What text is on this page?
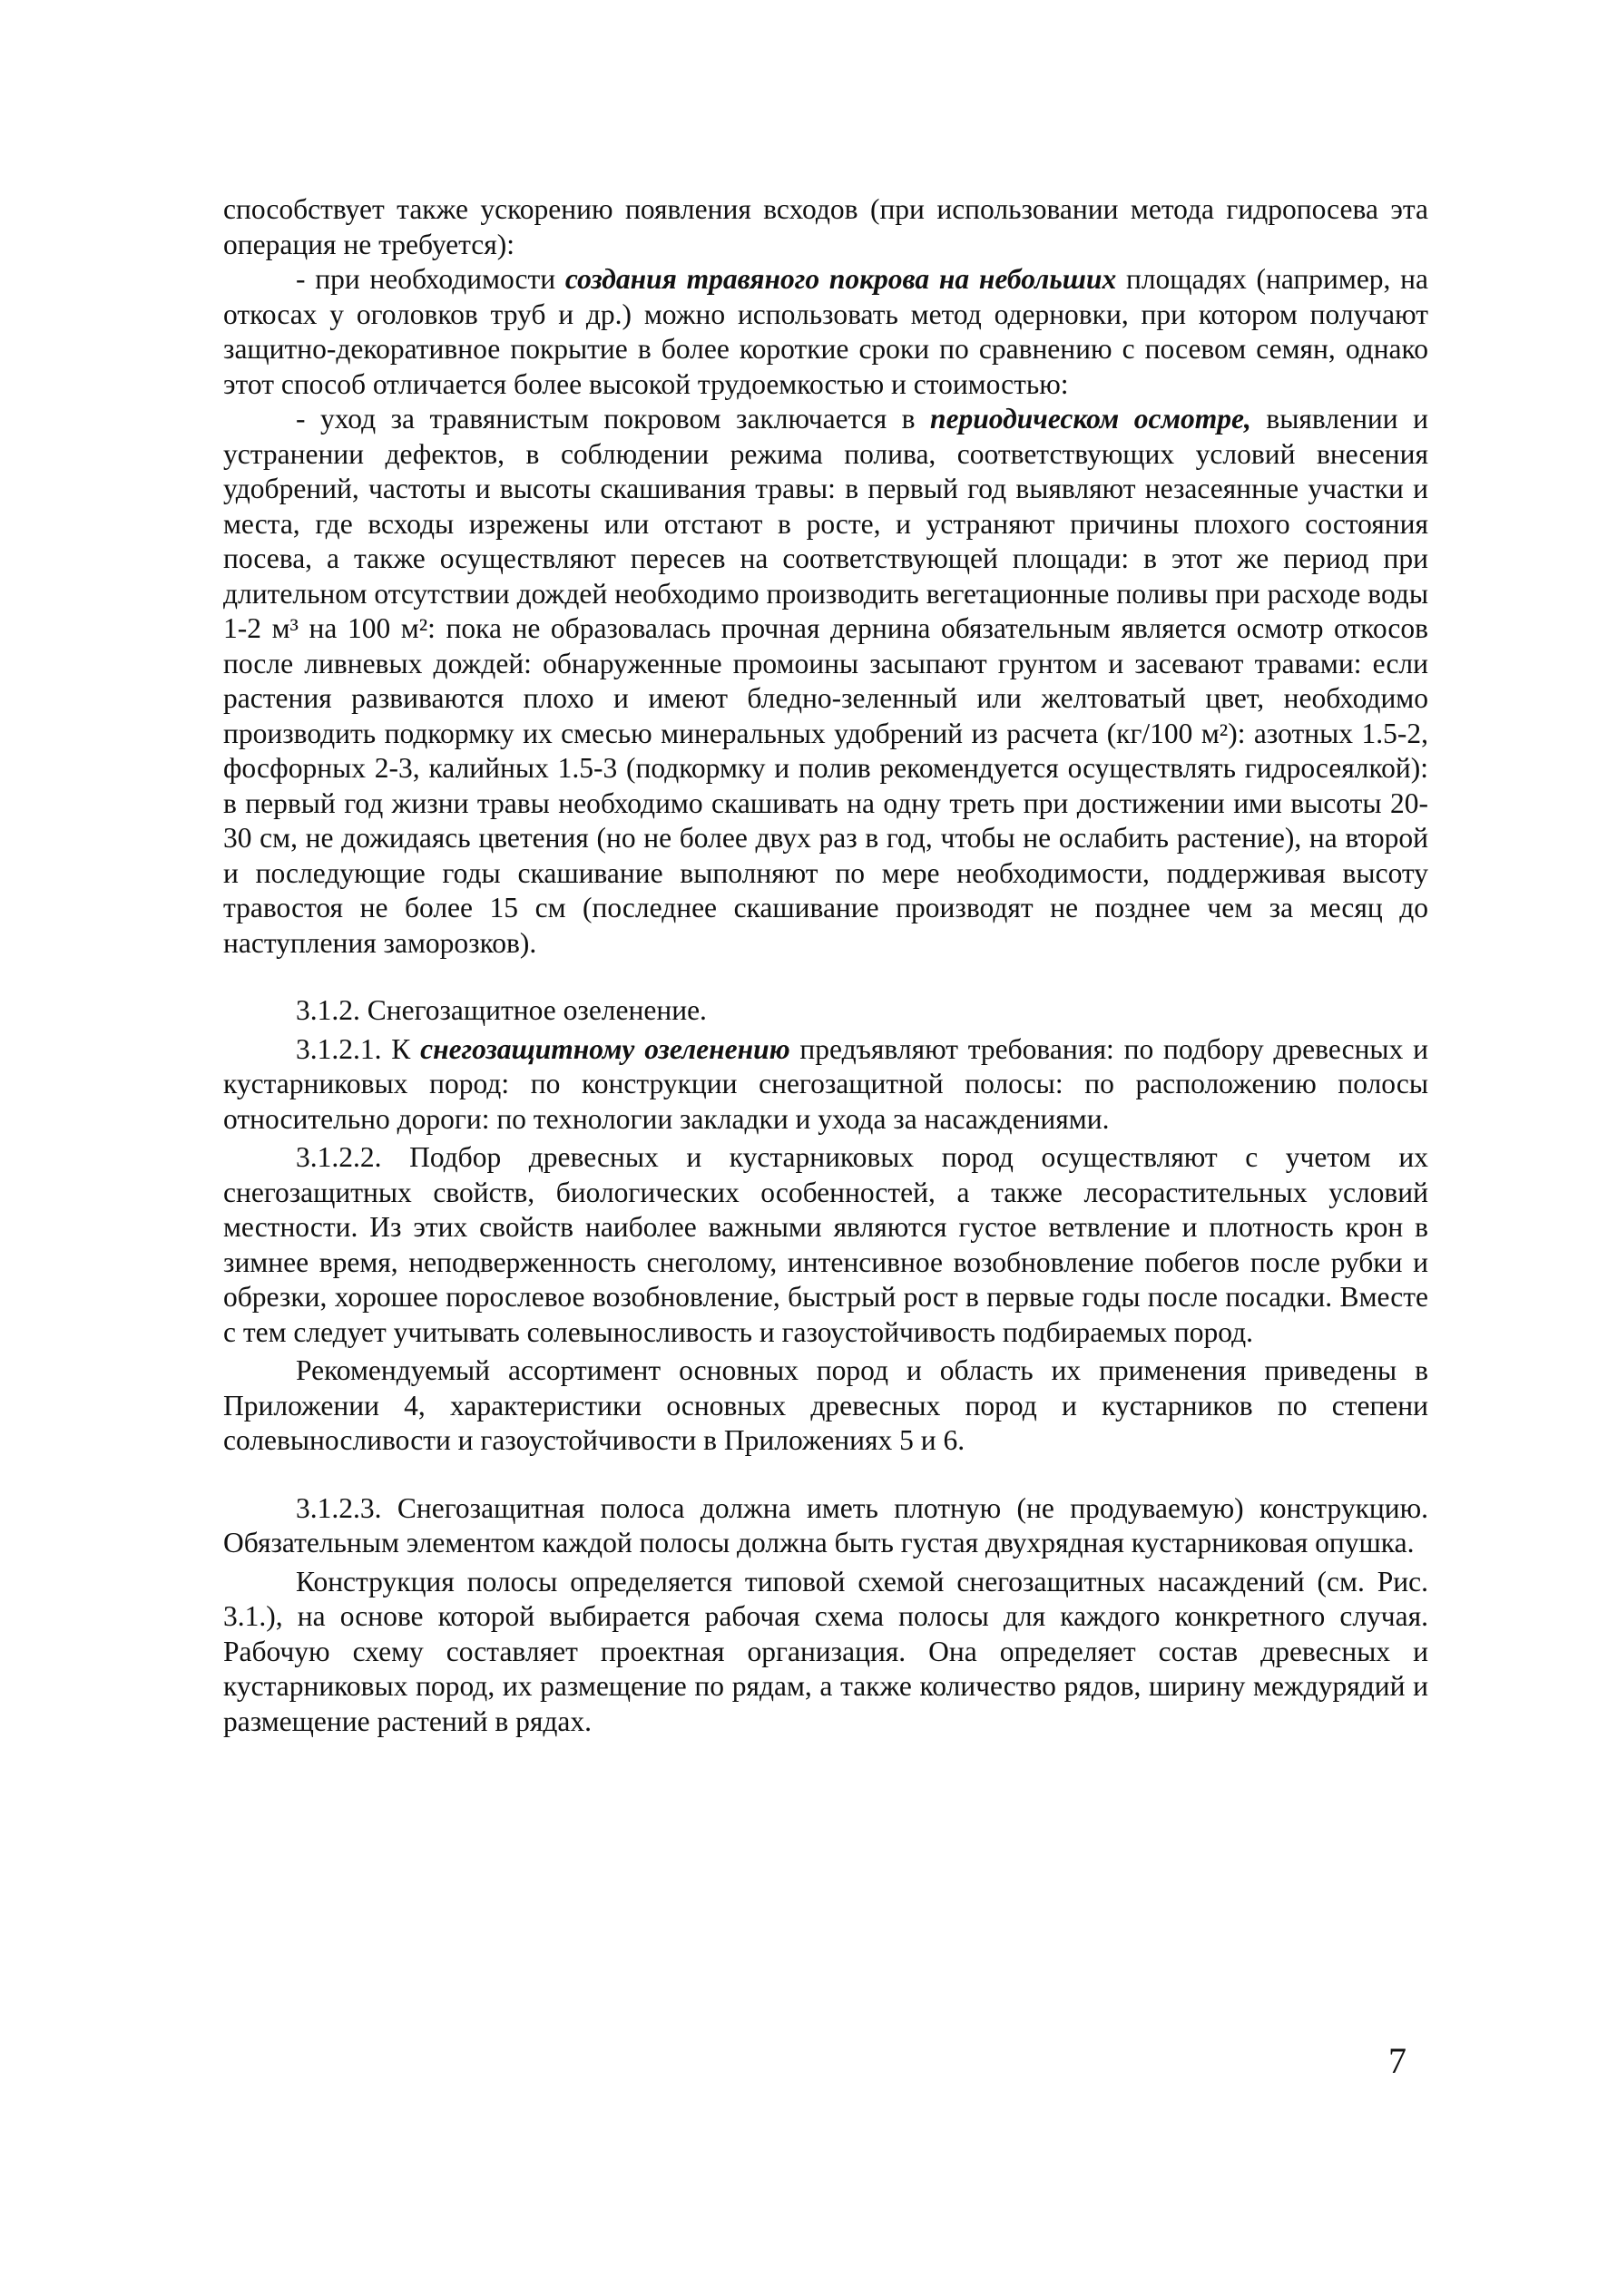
способствует также ускорению появления всходов (при использовании метода гидропосева эта операция не требуется):

- при необходимости создания травяного покрова на небольших площадях (например, на откосах у оголовков труб и др.) можно использовать метод одерновки, при котором получают защитно-декоративное покрытие в более короткие сроки по сравнению с посевом семян, однако этот способ отличается более высокой трудоемкостью и стоимостью:

- уход за травянистым покровом заключается в периодическом осмотре, выявлении и устранении дефектов, в соблюдении режима полива, соответствующих условий внесения удобрений, частоты и высоты скашивания травы: в первый год выявляют незасеянные участки и места, где всходы изрежены или отстают в росте, и устраняют причины плохого состояния посева, а также осуществляют пересев на соответствующей площади: в этот же период при длительном отсутствии дождей необходимо производить вегетационные поливы при расходе воды 1-2 м³ на 100 м²: пока не образовалась прочная дернина обязательным является осмотр откосов после ливневых дождей: обнаруженные промоины засыпают грунтом и засевают травами: если растения развиваются плохо и имеют бледно-зеленный или желтоватый цвет, необходимо производить подкормку их смесью минеральных удобрений из расчета (кг/100 м²): азотных 1.5-2, фосфорных 2-3, калийных 1.5-3 (подкормку и полив рекомендуется осуществлять гидросеялкой): в первый год жизни травы необходимо скашивать на одну треть при достижении ими высоты 20-30 см, не дожидаясь цветения (но не более двух раз в год, чтобы не ослабить растение), на второй и последующие годы скашивание выполняют по мере необходимости, поддерживая высоту травостоя не более 15 см (последнее скашивание производят не позднее чем за месяц до наступления заморозков).

3.1.2. Снегозащитное озеленение.

3.1.2.1. К снегозащитному озеленению предъявляют требования: по подбору древесных и кустарниковых пород: по конструкции снегозащитной полосы: по расположению полосы относительно дороги: по технологии закладки и ухода за насаждениями.

3.1.2.2. Подбор древесных и кустарниковых пород осуществляют с учетом их снегозащитных свойств, биологических особенностей, а также лесорастительных условий местности. Из этих свойств наиболее важными являются густое ветвление и плотность крон в зимнее время, неподверженность снеголому, интенсивное возобновление побегов после рубки и обрезки, хорошее порослевое возобновление, быстрый рост в первые годы после посадки. Вместе с тем следует учитывать солевыносливость и газоустойчивость подбираемых пород.

Рекомендуемый ассортимент основных пород и область их применения приведены в Приложении 4, характеристики основных древесных пород и кустарников по степени солевыносливости и газоустойчивости в Приложениях 5 и 6.

3.1.2.3. Снегозащитная полоса должна иметь плотную (не продуваемую) конструкцию. Обязательным элементом каждой полосы должна быть густая двухрядная кустарниковая опушка.

Конструкция полосы определяется типовой схемой снегозащитных насаждений (см. Рис. 3.1.), на основе которой выбирается рабочая схема полосы для каждого конкретного случая. Рабочую схему составляет проектная организация. Она определяет состав древесных и кустарниковых пород, их размещение по рядам, а также количество рядов, ширину междурядий и размещение растений в рядах.

7
